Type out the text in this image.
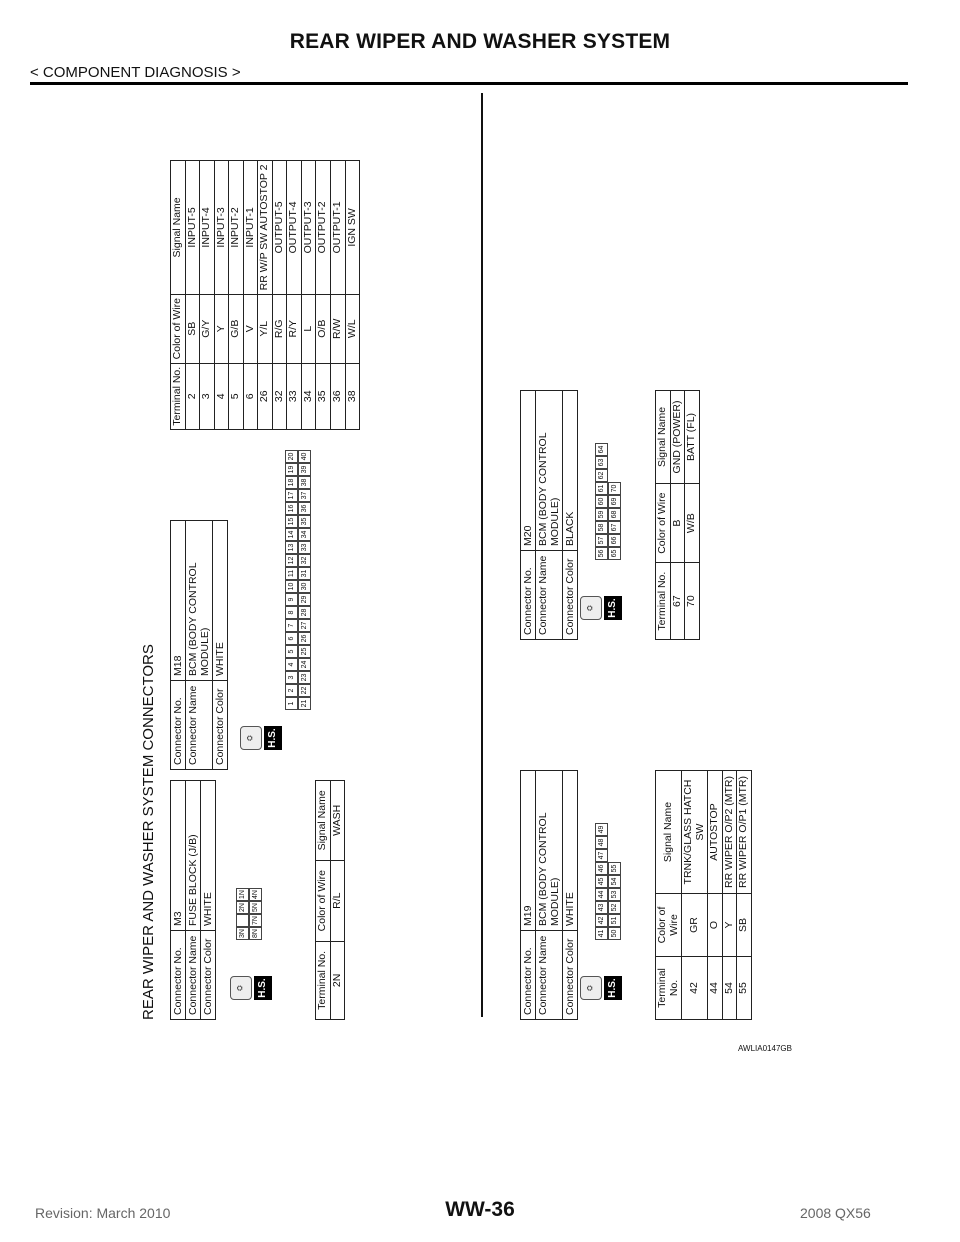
REAR WIPER AND WASHER SYSTEM
< COMPONENT DIAGNOSIS >
REAR WIPER AND WASHER SYSTEM CONNECTORS Connector No.	M3
Connector Name	FUSE BLOCK (J/B)
Connector Color	WHITE
⛭	H.S.
3N
2N
1N
8N
7N
5N
4N
Terminal No.	Color of Wire	Signal Name
2N	R/L	WASH
Connector No.	M18
Connector Name	BCM (BODY CONTROL MODULE)
Connector Color	WHITE
⛭	H.S.
1
2
3
4
5
6
7
8
9
10
11
12
13
14
15
16
17
18
19
20
21
22
23
24
25
26
27
28
29
30
31
32
33
34
35
36
37
38
39
40
Terminal No.	Color of Wire	Signal Name
2	SB	INPUT-5
3	G/Y	INPUT-4
4	Y	INPUT-3
5	G/B	INPUT-2
6	V	INPUT-1
26	Y/L	RR W/P SW AUTOSTOP 2
32	R/G	OUTPUT-5
33	R/Y	OUTPUT-4
34	L	OUTPUT-3
35	O/B	OUTPUT-2
36	R/W	OUTPUT-1
38	W/L	IGN SW
Connector No.	M19
Connector Name	BCM (BODY CONTROL MODULE)
Connector Color	WHITE
⛭	H.S.
41
42
43
44
45
46
47
48
49
50
51
52
53
54
55
Terminal No.	Color of Wire	Signal Name
42	GR	TRNK/GLASS HATCH SW
44	O	AUTOSTOP
54	Y	RR WIPER O/P2 (MTR)
55	SB	RR WIPER O/P1 (MTR)
Connector No.	M20
Connector Name	BCM (BODY CONTROL MODULE)
Connector Color	BLACK
⛭	H.S.
56
57
58
59
60
61
62
63
64
65
66
67
68
69
70
Terminal No.	Color of Wire	Signal Name
67	B	GND (POWER)
70	W/B	BATT (FL)
AWLIA0147GB
Revision: March 2010	WW-36	2008 QX56
